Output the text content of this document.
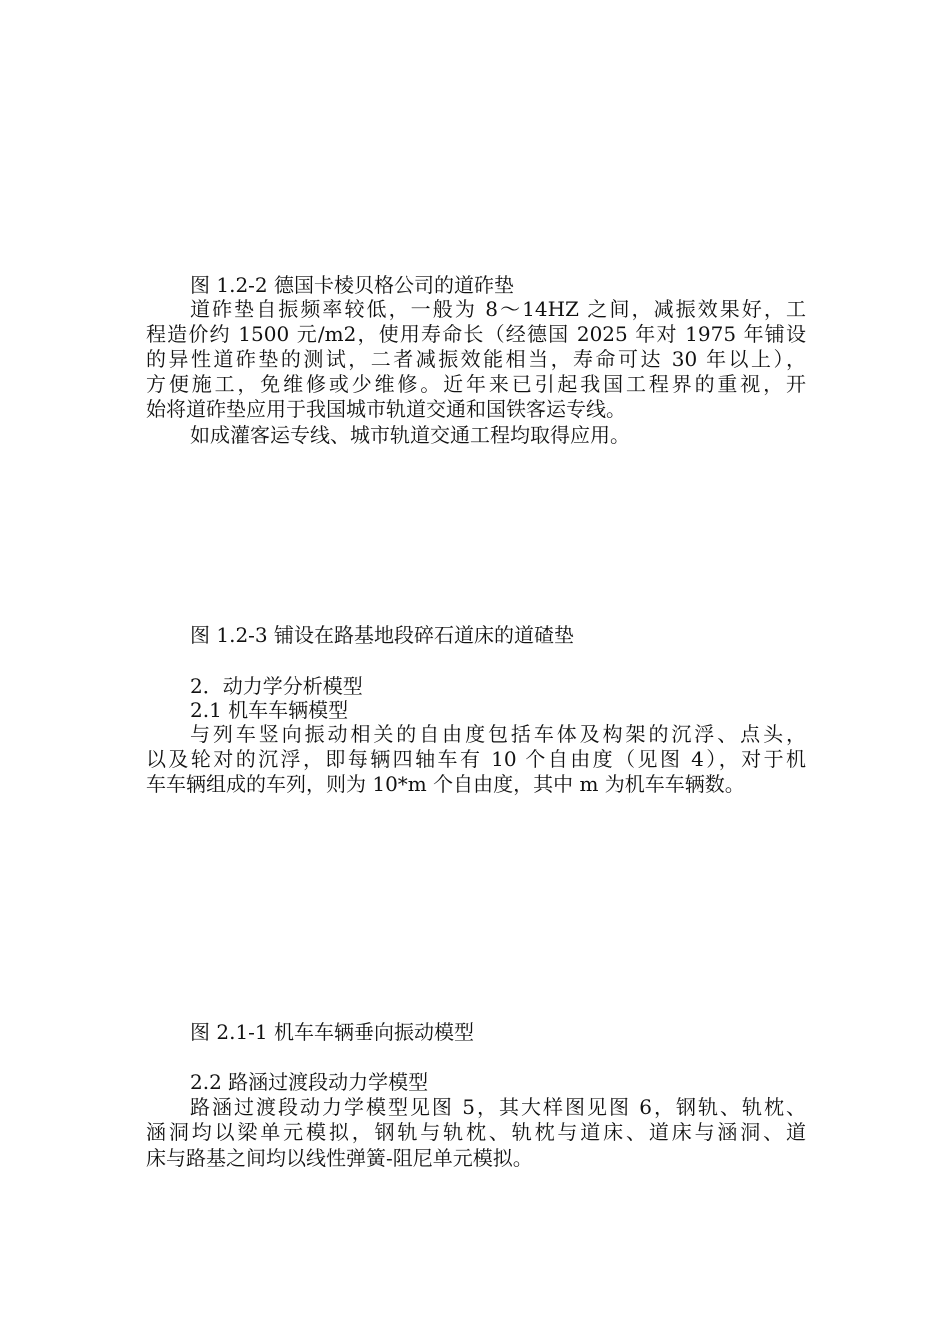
图 1.2-2 德国卡棱贝格公司的道砟垫
道砟垫自振频率较低，一般为 8～14HZ 之间，减振效果好，工
程造价约 1500 元/m2，使用寿命长（经德国 2025 年对 1975 年铺设
的异性道砟垫的测试，二者减振效能相当，寿命可达 30 年以上），
方便施工，免维修或少维修。近年来已引起我国工程界的重视，开
始将道砟垫应用于我国城市轨道交通和国铁客运专线。
如成灌客运专线、城市轨道交通工程均取得应用。
图 1.2-3 铺设在路基地段碎石道床的道碴垫
2．动力学分析模型
2.1 机车车辆模型
与列车竖向振动相关的自由度包括车体及构架的沉浮、点头，
以及轮对的沉浮，即每辆四轴车有 10 个自由度（见图 4），对于机
车车辆组成的车列，则为 10*m 个自由度，其中 m 为机车车辆数。
图 2.1-1 机车车辆垂向振动模型
2.2 路涵过渡段动力学模型
路涵过渡段动力学模型见图 5，其大样图见图 6，钢轨、轨枕、
涵洞均以梁单元模拟，钢轨与轨枕、轨枕与道床、道床与涵洞、道
床与路基之间均以线性弹簧-阻尼单元模拟。
